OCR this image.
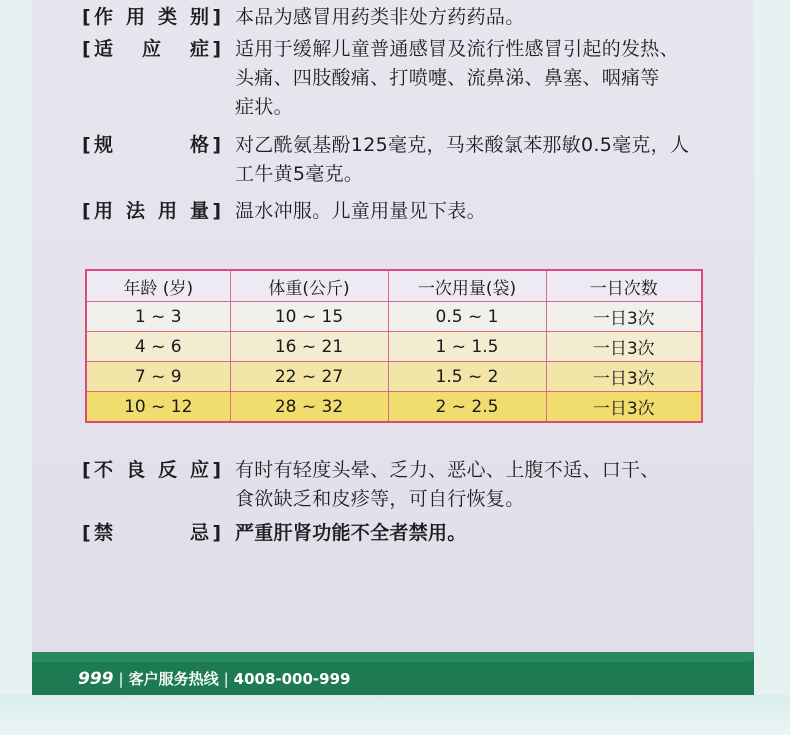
[ 作 用 类 别 ] 本品为感冒用药类非处方药药品。
[ 适 应 症 ] 适用于缓解儿童普通感冒及流行性感冒引起的发热、
头痛、四肢酸痛、打喷嚏、流鼻涕、鼻塞、咽痛等
症状。
[ 规	格 ] 对乙酰氨基酚125毫克，马来酸氯苯那敏0.5毫克，人
工牛黄5毫克。
[ 用 法 用 量 ] 温水冲服。儿童用量见下表。
年龄 (岁)	体重(公斤)	一次用量(袋)	一日次数
1 ~ 3	10 ~ 15	0.5 ~ 1	一日3次
4 ~ 6	16 ~ 21	1 ~ 1.5	一日3次
7 ~ 9	22 ~ 27	1.5 ~ 2	一日3次
10 ~ 12	28 ~ 32	2 ~ 2.5	一日3次
[ 不 良 反 应 ] 有时有轻度头晕、乏力、恶心、上腹不适、口干、
食欲缺乏和皮疹等，可自行恢复。
[ 禁	忌 ] 严重肝肾功能不全者禁用。
999 | 客户服务热线 | 4008-000-999
